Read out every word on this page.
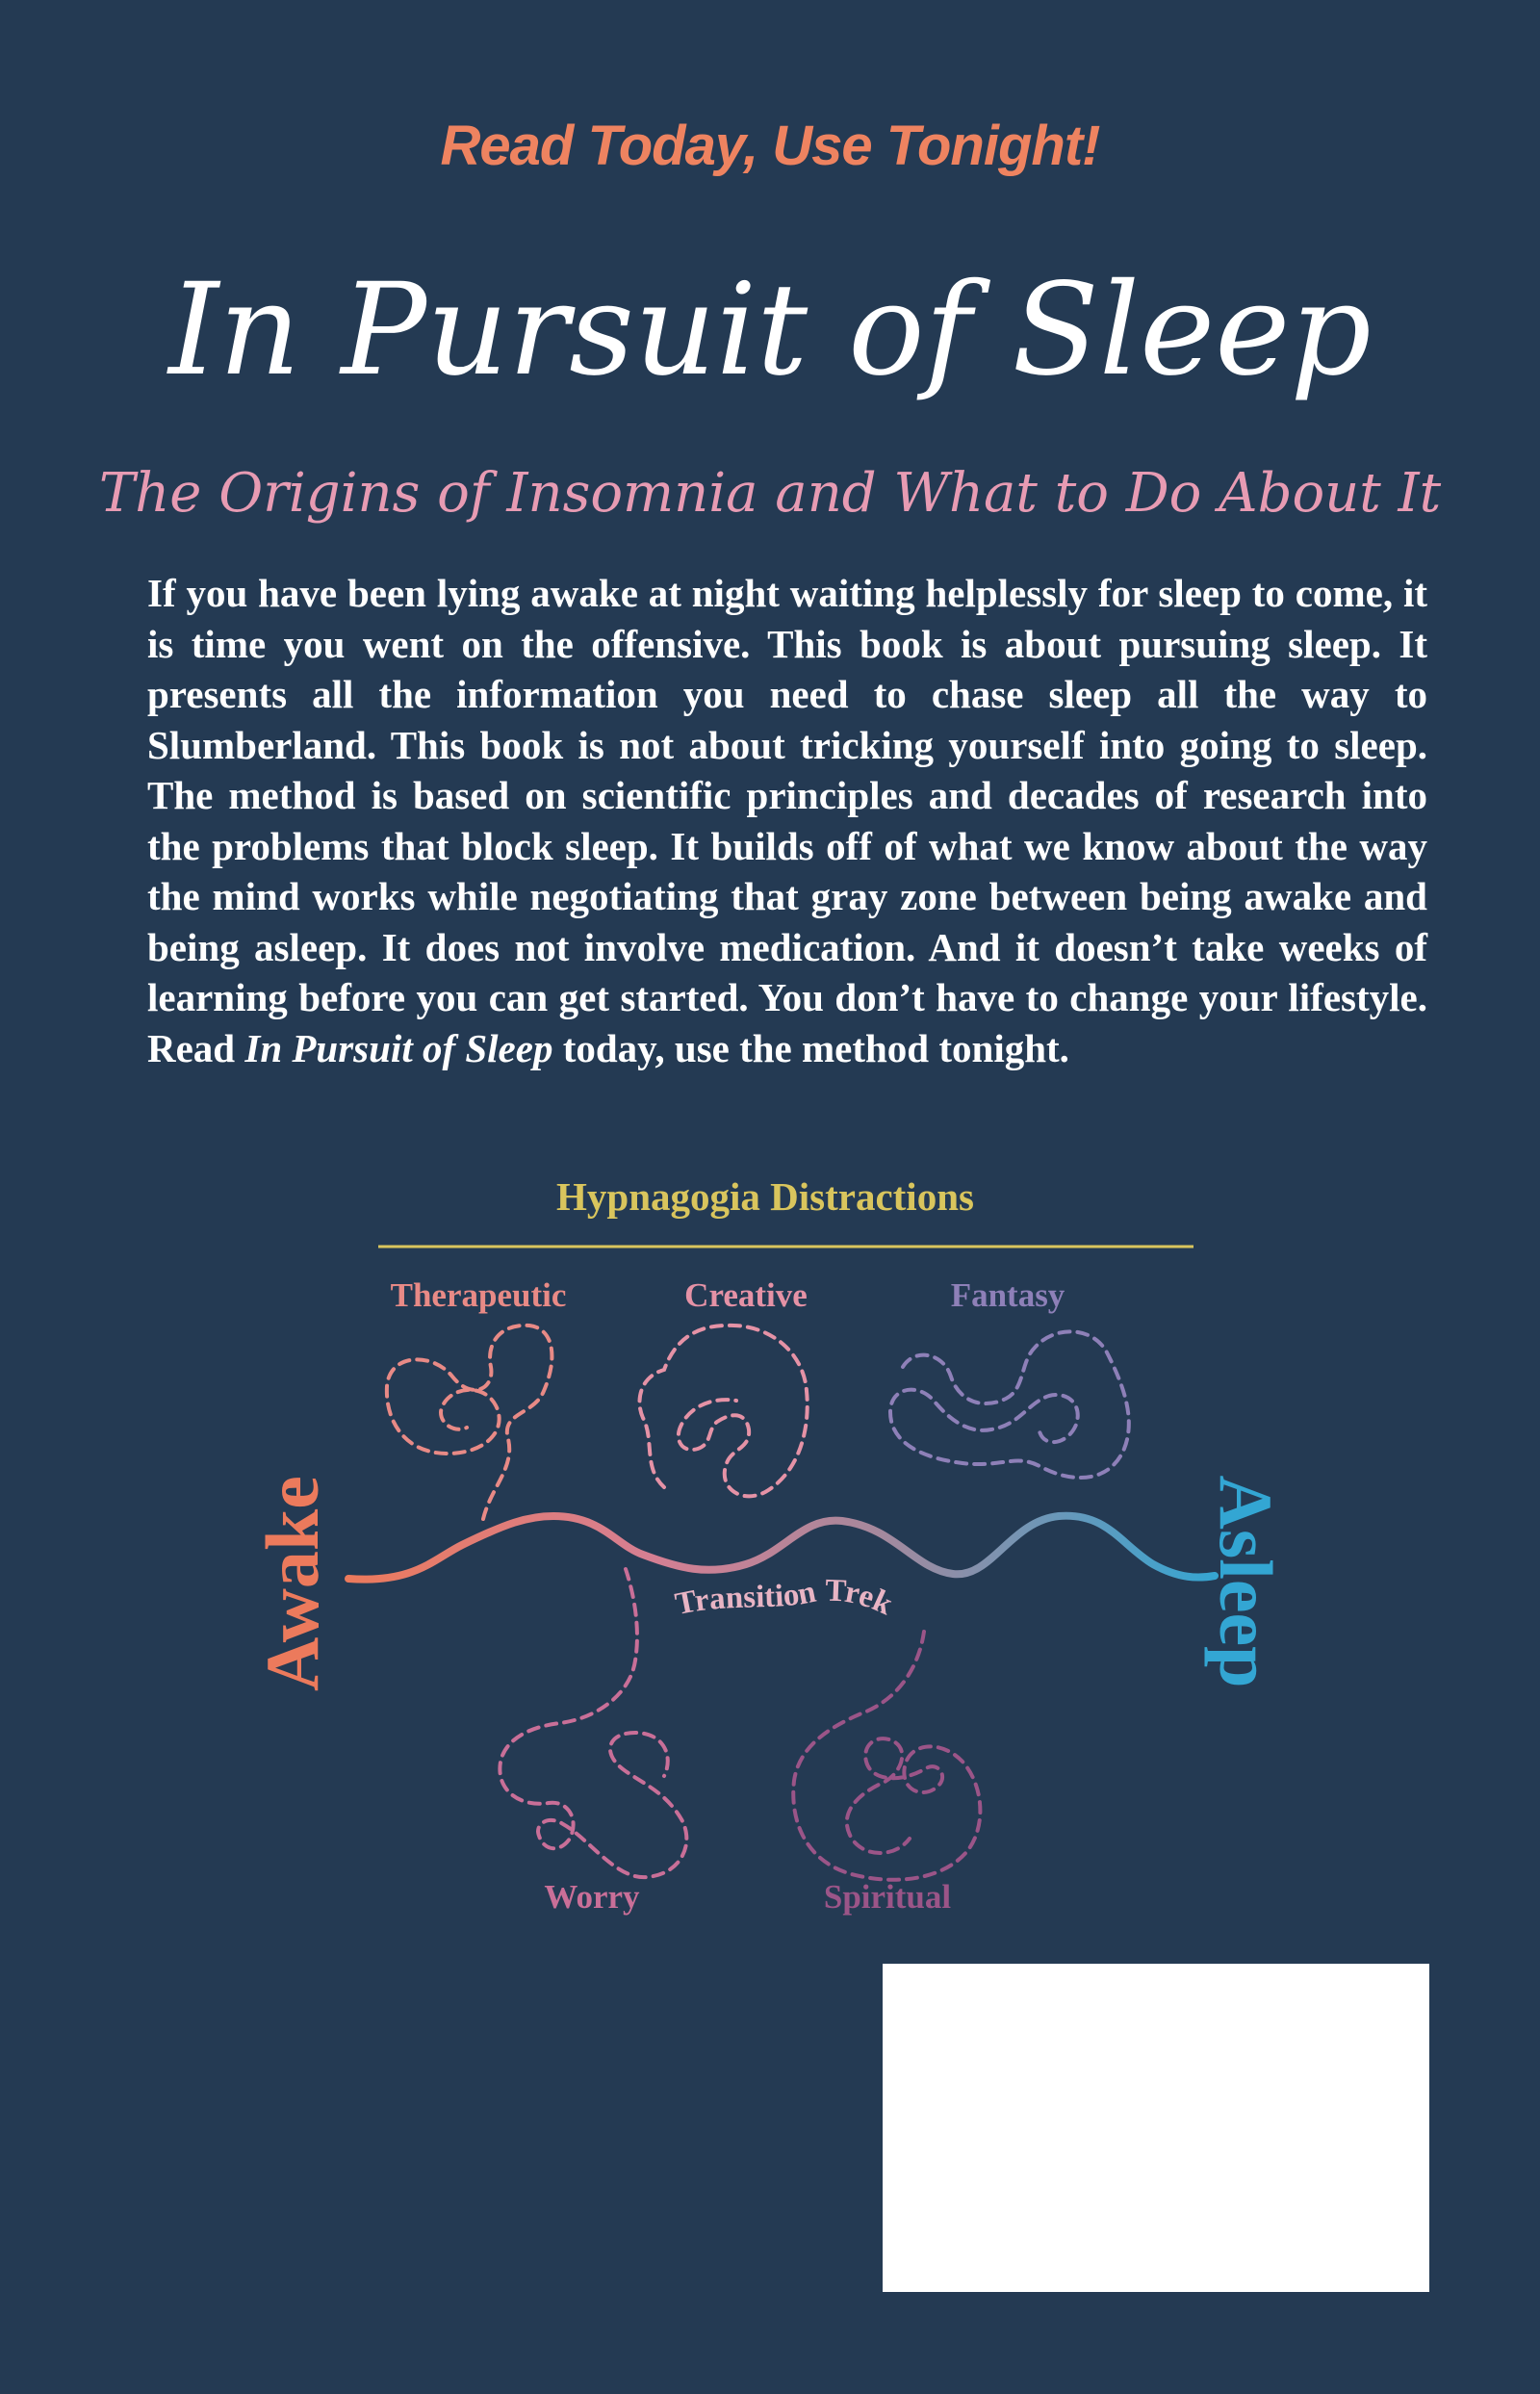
Read Today, Use Tonight!
In Pursuit of Sleep
The Origins of Insomnia and What to Do About It

If you have been lying awake at night waiting helplessly for sleep to come, it is time you went on the offensive. This book is about pursuing sleep. It presents all the information you need to chase sleep all the way to Slumberland. This book is not about tricking yourself into going to sleep. The method is based on scientific principles and decades of research into the problems that block sleep. It builds off of what we know about the way the mind works while negotiating that gray zone between being awake and being asleep. It does not involve medication. And it doesn’t take weeks of learning before you can get started. You don’t have to change your lifestyle. Read In Pursuit of Sleep today, use the method tonight.

Hypnagogia Distractions
Therapeutic	Creative	Fantasy
Transition Trek
Awake	Asleep
Worry	Spiritual
